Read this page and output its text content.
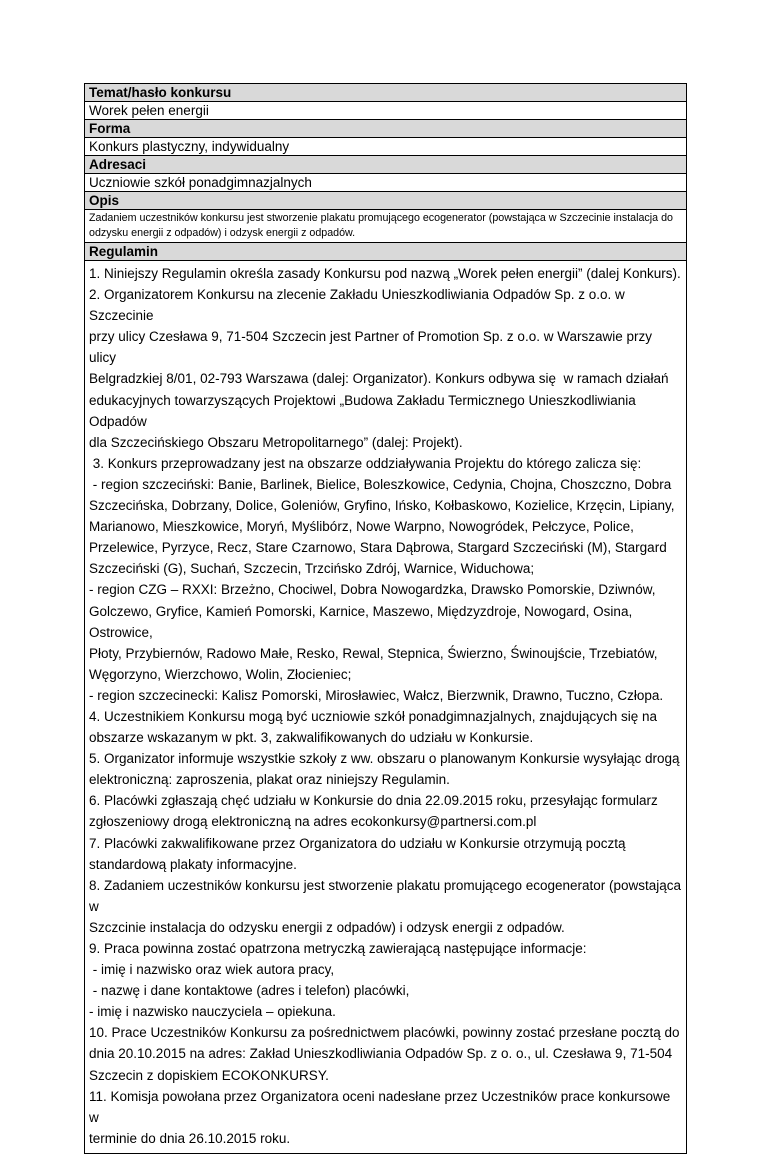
Temat/hasło konkursu
Worek pełen energii
Forma
Konkurs plastyczny, indywidualny
Adresaci
Uczniowie szkół ponadgimnazjalnych
Opis
Zadaniem uczestników konkursu jest stworzenie plakatu promującego ecogenerator (powstająca w Szczecinie instalacja do odzysku energii z odpadów) i odzysk energii z odpadów.
Regulamin

1. Niniejszy Regulamin określa zasady Konkursu pod nazwą „Worek pełen energii” (dalej Konkurs).
2. Organizatorem Konkursu na zlecenie Zakładu Unieszkodliwiania Odpadów Sp. z o.o. w Szczecinie
przy ulicy Czesława 9, 71-504 Szczecin jest Partner of Promotion Sp. z o.o. w Warszawie przy ulicy
Belgradzkiej 8/01, 02-793 Warszawa (dalej: Organizator). Konkurs odbywa się  w ramach działań
edukacyjnych towarzyszących Projektowi „Budowa Zakładu Termicznego Unieszkodliwiania Odpadów
dla Szczecińskiego Obszaru Metropolitarnego” (dalej: Projekt).
3. Konkurs przeprowadzany jest na obszarze oddziaływania Projektu do którego zalicza się:
- region szczeciński: Banie, Barlinek, Bielice, Boleszkowice, Cedynia, Chojna, Choszczno, Dobra
Szczecińska, Dobrzany, Dolice, Goleniów, Gryfino, Ińsko, Kołbaskowo, Kozielice, Krzęcin, Lipiany,
Marianowo, Mieszkowice, Moryń, Myślibórz, Nowe Warpno, Nowogródek, Pełczyce, Police,
Przelewice, Pyrzyce, Recz, Stare Czarnowo, Stara Dąbrowa, Stargard Szczeciński (M), Stargard
Szczeciński (G), Suchań, Szczecin, Trzcińsko Zdrój, Warnice, Widuchowa;
- region CZG – RXXI: Brzeżno, Chociwel, Dobra Nowogardzka, Drawsko Pomorskie, Dziwnów,
Golczewo, Gryfice, Kamień Pomorski, Karnice, Maszewo, Międzyzdroje, Nowogard, Osina, Ostrowice,
Płoty, Przybiernów, Radowo Małe, Resko, Rewal, Stepnica, Świerzno, Świnoujście, Trzebiatów,
Węgorzyno, Wierzchowo, Wolin, Złocieniec;
- region szczecinecki: Kalisz Pomorski, Mirosławiec, Wałcz, Bierzwnik, Drawno, Tuczno, Człopa.
4. Uczestnikiem Konkursu mogą być uczniowie szkół ponadgimnazjalnych, znajdujących się na
obszarze wskazanym w pkt. 3, zakwalifikowanych do udziału w Konkursie.
5. Organizator informuje wszystkie szkoły z ww. obszaru o planowanym Konkursie wysyłając drogą
elektroniczną: zaproszenia, plakat oraz niniejszy Regulamin.
6. Placówki zgłaszają chęć udziału w Konkursie do dnia 22.09.2015 roku, przesyłając formularz
zgłoszeniowy drogą elektroniczną na adres ecokonkursy@partnersi.com.pl
7. Placówki zakwalifikowane przez Organizatora do udziału w Konkursie otrzymują pocztą
standardową plakaty informacyjne.
8. Zadaniem uczestników konkursu jest stworzenie plakatu promującego ecogenerator (powstająca w
Szczcinie instalacja do odzysku energii z odpadów) i odzysk energii z odpadów.
9. Praca powinna zostać opatrzona metryczką zawierającą następujące informacje:
- imię i nazwisko oraz wiek autora pracy,
- nazwę i dane kontaktowe (adres i telefon) placówki,
- imię i nazwisko nauczyciela – opiekuna.
10. Prace Uczestników Konkursu za pośrednictwem placówki, powinny zostać przesłane pocztą do
dnia 20.10.2015 na adres: Zakład Unieszkodliwiania Odpadów Sp. z o. o., ul. Czesława 9, 71-504
Szczecin z dopiskiem ECOKONKURSY.
11. Komisja powołana przez Organizatora oceni nadesłane przez Uczestników prace konkursowe w
terminie do dnia 26.10.2015 roku.
